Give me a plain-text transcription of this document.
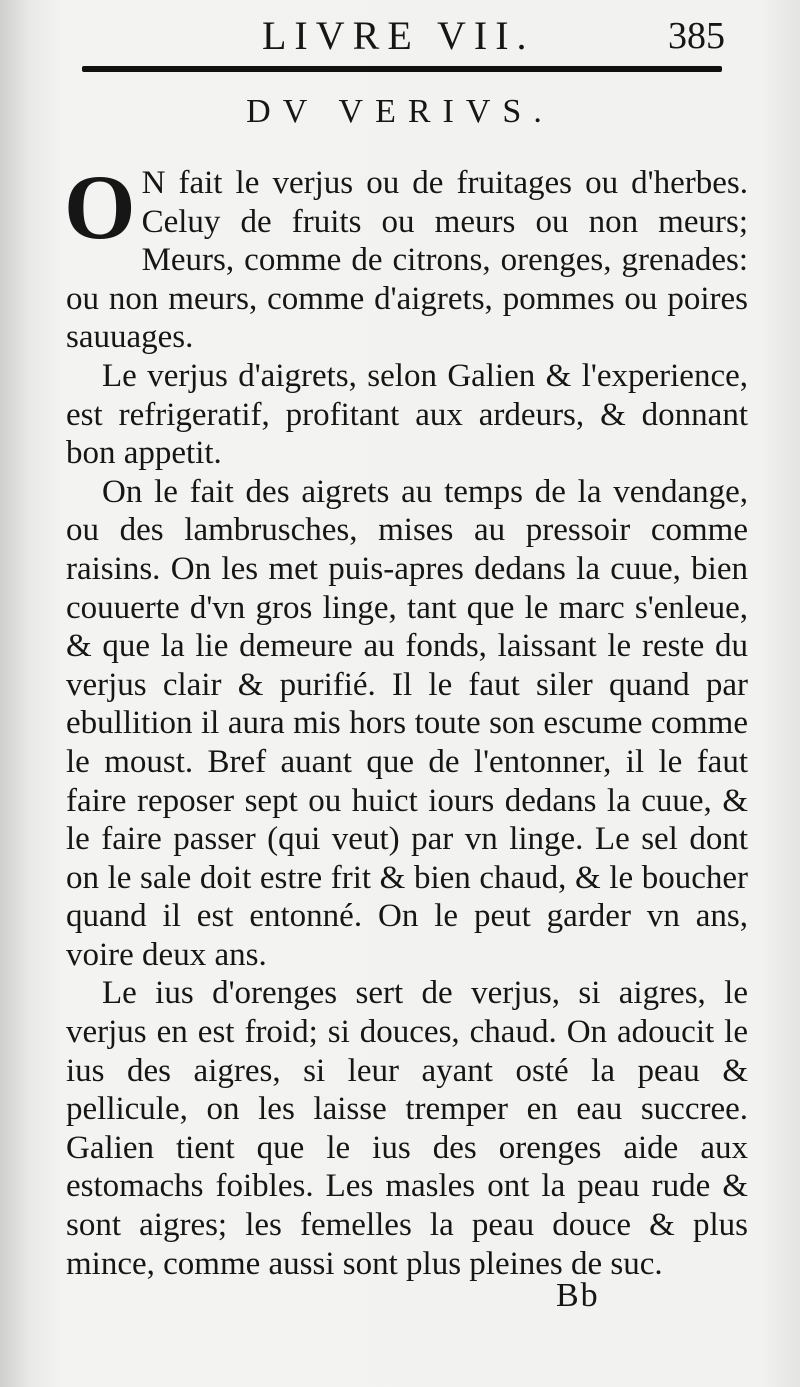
LIVRE VII.	385
DV VERIVS.

O N fait le verjus ou de fruitages ou d'herbes. Celuy de fruits ou meurs ou non meurs; Meurs, comme de citrons, orenges, grenades: ou non meurs, comme d'aigrets, pommes ou poires sauuages.

Le verjus d'aigrets, selon Galien & l'experience, est refrigeratif, profitant aux ardeurs, & donnant bon appetit.

On le fait des aigrets au temps de la vendange, ou des lambrusches, mises au pressoir comme raisins. On les met puis-apres dedans la cuue, bien couuerte d'vn gros linge, tant que le marc s'enleue, & que la lie demeure au fonds, laissant le reste du verjus clair & purifié. Il le faut siler quand par ebullition il aura mis hors toute son escume comme le moust. Bref auant que de l'entonner, il le faut faire reposer sept ou huict iours dedans la cuue, & le faire passer (qui veut) par vn linge. Le sel dont on le sale doit estre frit & bien chaud, & le boucher quand il est entonné. On le peut garder vn ans, voire deux ans.

Le ius d'orenges sert de verjus, si aigres, le verjus en est froid; si douces, chaud. On adoucit le ius des aigres, si leur ayant osté la peau & pellicule, on les laisse tremper en eau succree. Galien tient que le ius des orenges aide aux estomachs foibles. Les masles ont la peau rude & sont aigres; les femelles la peau douce & plus mince, comme aussi sont plus pleines de suc.

Bb
